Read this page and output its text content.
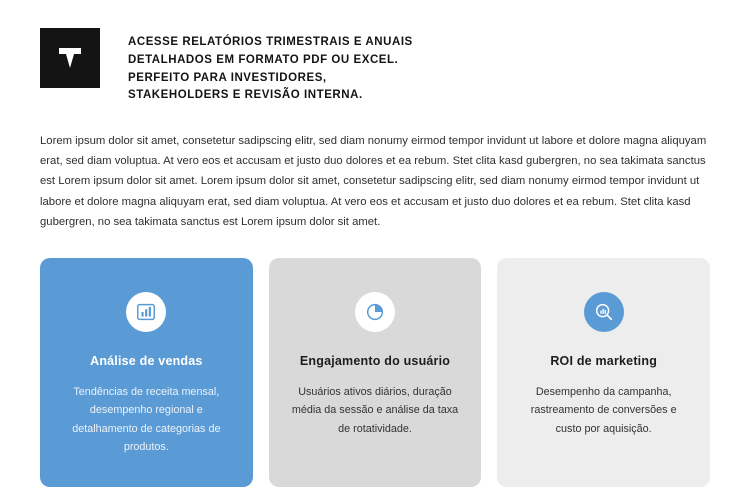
ACESSE RELATÓRIOS TRIMESTRAIS E ANUAIS
DETALHADOS EM FORMATO PDF OU EXCEL.
PERFEITO PARA INVESTIDORES,
STAKEHOLDERS E REVISÃO INTERNA.
Lorem ipsum dolor sit amet, consetetur sadipscing elitr, sed diam nonumy eirmod tempor invidunt ut labore et dolore magna aliquyam erat, sed diam voluptua. At vero eos et accusam et justo duo dolores et ea rebum. Stet clita kasd gubergren, no sea takimata sanctus est Lorem ipsum dolor sit amet. Lorem ipsum dolor sit amet, consetetur sadipscing elitr, sed diam nonumy eirmod tempor invidunt ut labore et dolore magna aliquyam erat, sed diam voluptua. At vero eos et accusam et justo duo dolores et ea rebum. Stet clita kasd gubergren, no sea takimata sanctus est Lorem ipsum dolor sit amet.
Análise de vendas
Tendências de receita mensal, desempenho regional e detalhamento de categorias de produtos.
Engajamento do usuário
Usuários ativos diários, duração média da sessão e análise da taxa de rotatividade.
ROI de marketing
Desempenho da campanha, rastreamento de conversões e custo por aquisição.
